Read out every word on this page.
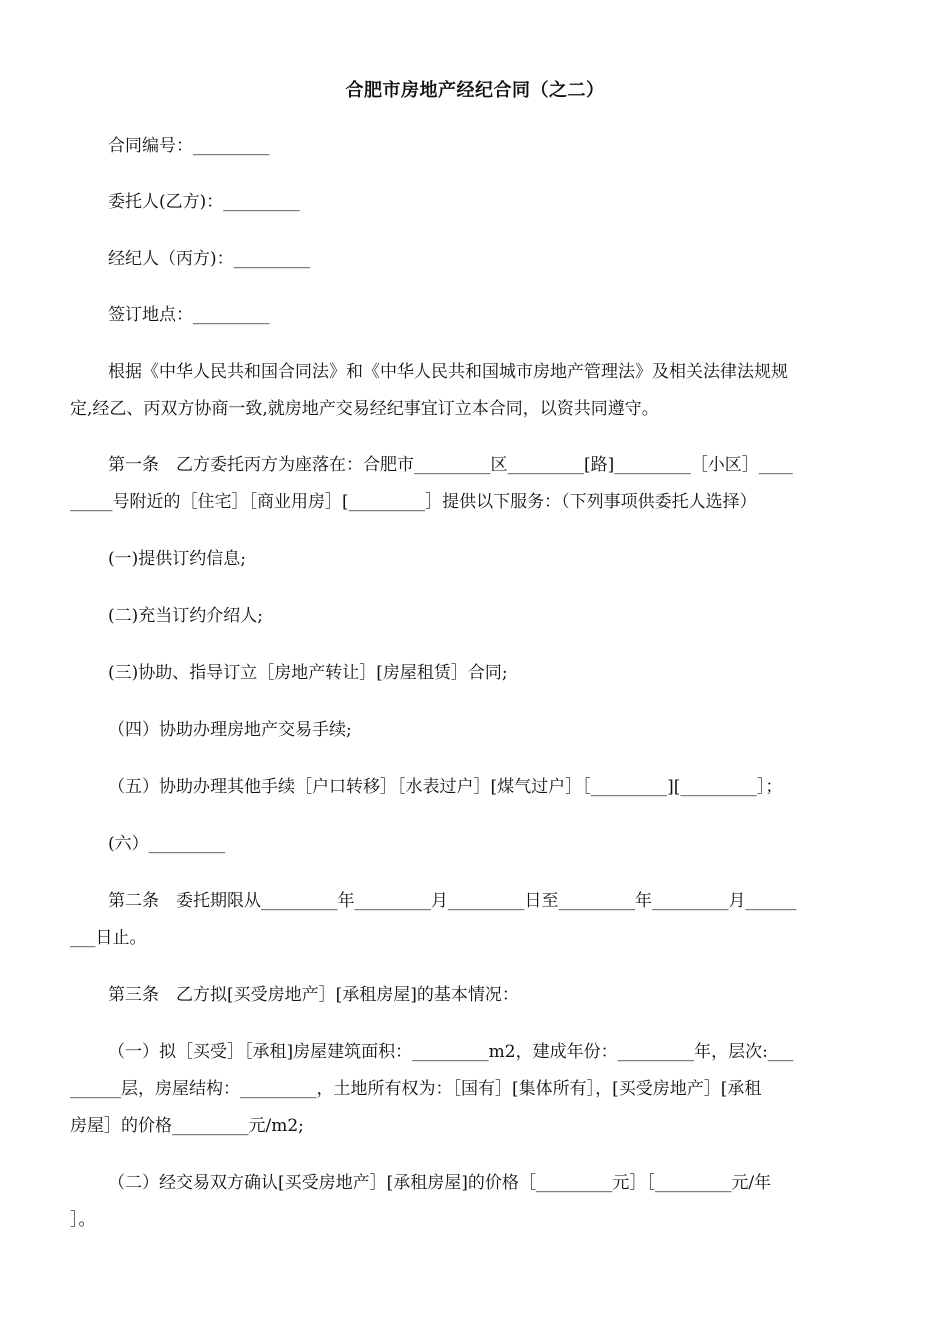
合肥市房地产经纪合同（之二）
合同编号：_________
委托人(乙方)：_________
经纪人（丙方)：_________
签订地点：_________
根据《中华人民共和国合同法》和《中华人民共和国城市房地产管理法》及相关法律法规规
定,经乙、丙双方协商一致,就房地产交易经纪事宜订立本合同，以资共同遵守。
第一条　乙方委托丙方为座落在：合肥市_________区_________[路]_________［小区］____
_____号附近的［住宅］［商业用房］[_________］提供以下服务：（下列事项供委托人选择）
(一)提供订约信息;
(二)充当订约介绍人;
(三)协助、指导订立［房地产转让］[房屋租赁］合同;
（四）协助办理房地产交易手续;
（五）协助办理其他手续［户口转移］［水表过户］[煤气过户］［_________][_________］；
(六）_________
第二条　委托期限从_________年_________月_________日至_________年_________月______
___日止。
第三条　乙方拟[买受房地产］[承租房屋]的基本情况：
（一）拟［买受］［承租]房屋建筑面积：_________m2，建成年份：_________年，层次:___
______层，房屋结构：_________，土地所有权为：［国有］[集体所有］，[买受房地产］[承租
房屋］的价格_________元/m2;
（二）经交易双方确认[买受房地产］[承租房屋]的价格［_________元］［_________元/年
］。
